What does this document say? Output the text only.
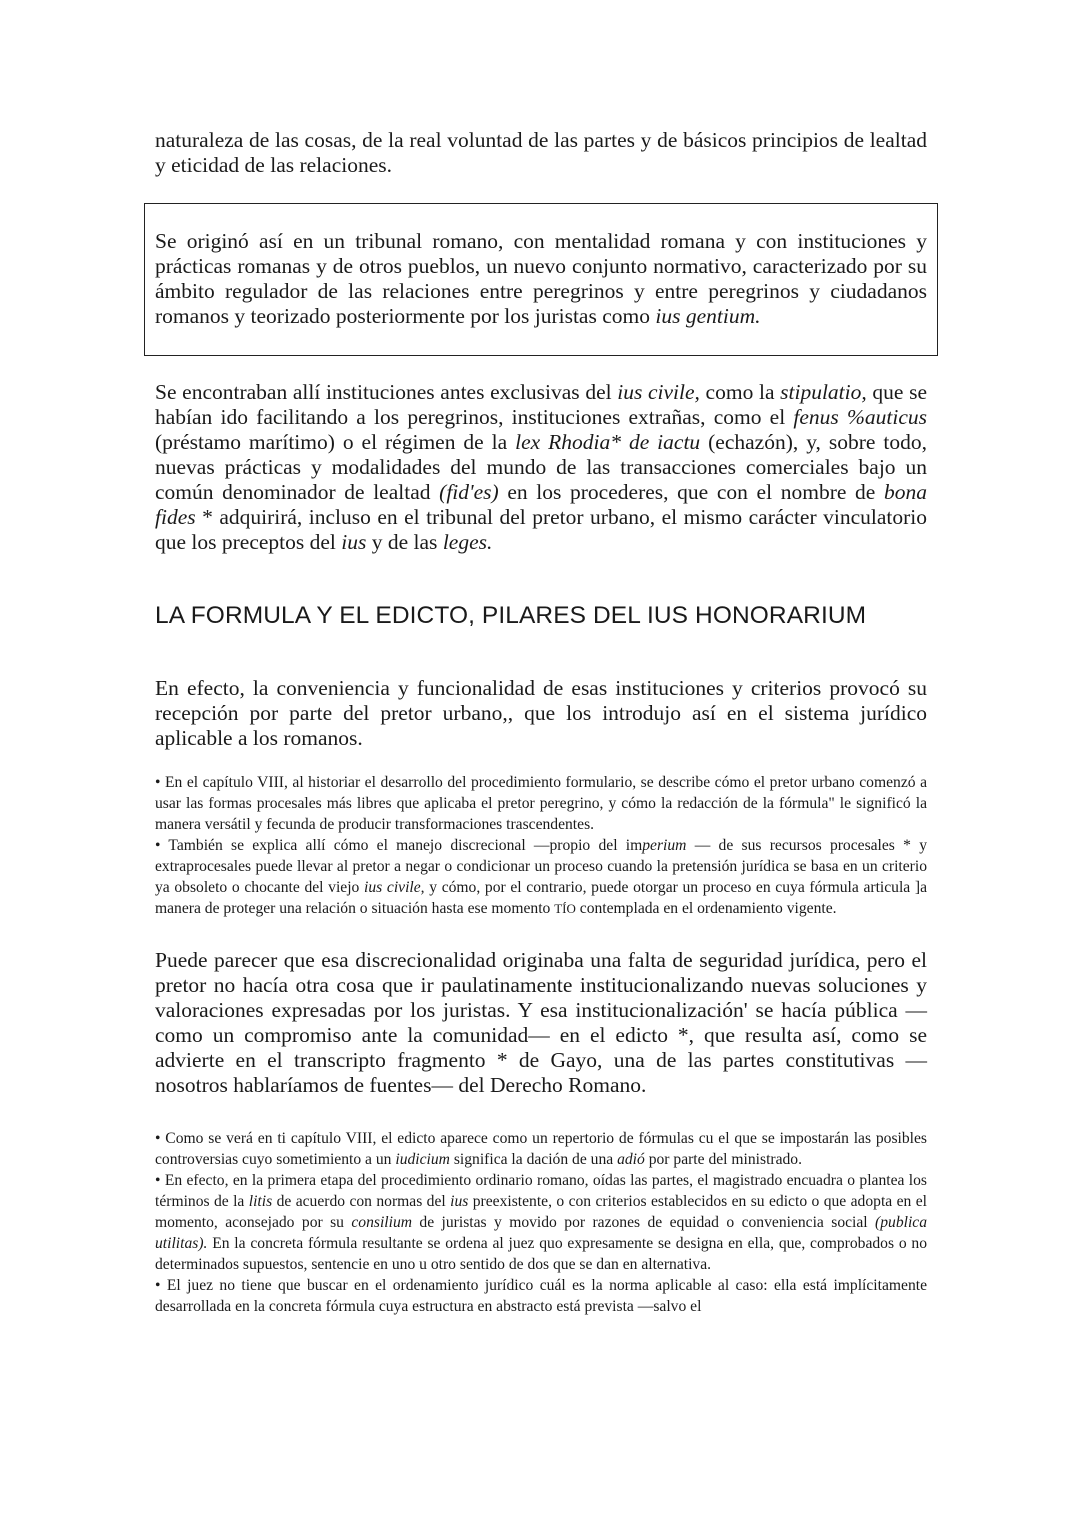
naturaleza de las cosas, de la real voluntad de las partes y de básicos principios de lealtad y eticidad de las relaciones.

Se originó así en un tribunal romano, con mentalidad romana y con instituciones y prácticas romanas y de otros pueblos, un nuevo conjunto normativo, caracterizado por su ámbito regulador de las relaciones entre peregrinos y entre peregrinos y ciudadanos romanos y teorizado posteriormente por los juristas como ius gentium.

Se encontraban allí instituciones antes exclusivas del ius civile, como la stipulatio, que se habían ido facilitando a los peregrinos, instituciones extrañas, como el fenus %auticus (préstamo marítimo) o el régimen de la lex Rhodia* de iactu (echazón), y, sobre todo, nuevas prácticas y modalidades del mundo de las transacciones comerciales bajo un común denominador de lealtad (fid'es) en los procederes, que con el nombre de bona fides * adquirirá, incluso en el tribunal del pretor urbano, el mismo carácter vinculatorio que los preceptos del ius y de las leges.

LA FORMULA Y EL EDICTO, PILARES DEL IUS HONORARIUM

En efecto, la conveniencia y funcionalidad de esas instituciones y criterios provocó su recepción por parte del pretor urbano,, que los introdujo así en el sistema jurídico aplicable a los romanos.

• En el capítulo VIII, al historiar el desarrollo del procedimiento formulario, se describe cómo el pretor urbano comenzó a usar las formas procesales más libres que aplicaba el pretor peregrino, y cómo la redacción de la fórmula" le significó la manera versátil y fecunda de producir transformaciones trascendentes.

• También se explica allí cómo el manejo discrecional —propio del imperium — de sus recursos procesales * y extraprocesales puede llevar al pretor a negar o condicionar un proceso cuando la pretensión jurídica se basa en un criterio ya obsoleto o chocante del viejo ius civile, y cómo, por el contrario, puede otorgar un proceso en cuya fórmula articula ]a manera de proteger una relación o situación hasta ese momento TÍO contemplada en el ordenamiento vigente.

Puede parecer que esa discrecionalidad originaba una falta de seguridad jurídica, pero el pretor no hacía otra cosa que ir paulatinamente institucionalizando nuevas soluciones y valoraciones expresadas por los juristas. Y esa institucionalización' se hacía pública — como un compromiso ante la comunidad— en el edicto *, que resulta así, como se advierte en el transcripto fragmento * de Gayo, una de las partes constitutivas — nosotros hablaríamos de fuentes— del Derecho Romano.

• Como se verá en ti capítulo VIII, el edicto aparece como un repertorio de fórmulas cu el que se impostarán las posibles controversias cuyo sometimiento a un iudicium significa la dación de una adió por parte del ministrado.

• En efecto, en la primera etapa del procedimiento ordinario romano, oídas las partes, el magistrado encuadra o plantea los términos de la litis de acuerdo con normas del ius preexistente, o con criterios establecidos en su edicto o que adopta en el momento, aconsejado por su consilium de juristas y movido por razones de equidad o conveniencia social (publica utilitas). En la concreta fórmula resultante se ordena al juez quo expresamente se designa en ella, que, comprobados o no determinados supuestos, sentencie en uno u otro sentido de dos que se dan en alternativa.

• El juez no tiene que buscar en el ordenamiento jurídico cuál es la norma aplicable al caso: ella está implícitamente desarrollada en la concreta fórmula cuya estructura en abstracto está prevista —salvo el
